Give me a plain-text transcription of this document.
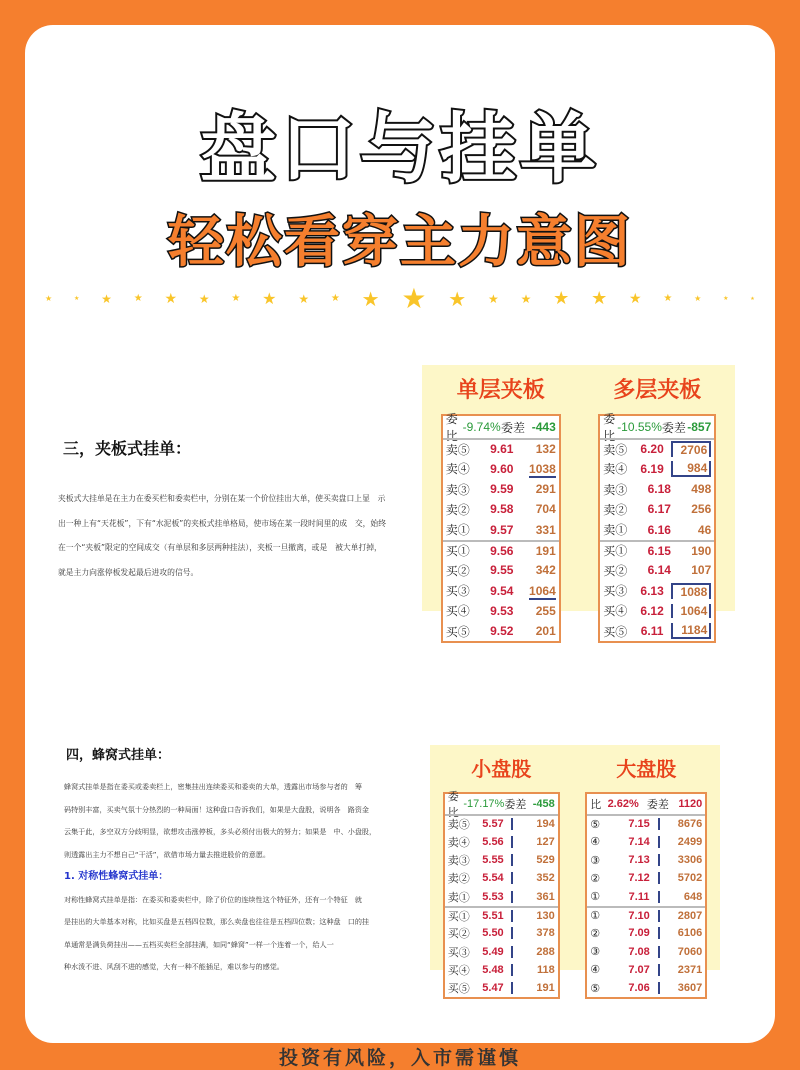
盘口与挂单
轻松看穿主力意图
★	★ ★ ★ ★ ★ ★ ★ ★ ★ ★ ★ ★ ★ ★ ★ ★ ★ ★	★	★	★
三，夹板式挂单：

夹板式大挂单是在主力在委买栏和委卖栏中，分别在某一个价位挂出大单，使买卖盘口上显　示

出一种上有“天花板”，下有“水泥板”的夹板式挂单格局，使市场在某一段时间里的成　交，始终

在一个“夹板”限定的空间成交（有单层和多层两种挂法），夹板一旦撤离，或是　被大单打掉，

就是主力向涨停板发起最后进攻的信号。

单层夹板
委比
-9.74% 委差 -443
卖⑤	9.61	132
卖④	9.60	1038
卖③	9.59	291
卖②	9.58	704
卖①	9.57	331
买①	9.56	191
买②	9.55	342
买③	9.54	1064
买④	9.53	255
买⑤	9.52	201
多层夹板
委比
-10.55% 委差 -857
卖⑤	6.20	2706
卖④	6.19	984
卖③	6.18	498
卖②	6.17	256
卖①	6.16	46
买①	6.15	190
买②	6.14	107
买③	6.13	1088
买④	6.12	1064
买⑤	6.11	1184
四，蜂窝式挂单：

蜂窝式挂单是指在委买或委卖栏上，密集挂出连续委买和委卖的大单，透露出市场参与者的　筹

码特别丰富，买卖气氛十分热烈的一种局面！这种盘口告诉我们，如果是大盘股，说明各　路资金

云集于此，多空双方分歧明显，欲想攻击涨停板，多头必须付出极大的努力；如果是　中、小盘股，

则透露出主力不想自己“干活”，欲借市场力量去推进股价的意愿。

1. 对称性蜂窝式挂单：

对称性蜂窝式挂单是指：在委买和委卖栏中，除了价位的连续性这个特征外，还有一个特征　就

是挂出的大单基本对称，比如买盘是五档四位数，那么卖盘也往往是五档四位数；这种盘　口的挂

单通常是满负荷挂出——五档买卖栏全部挂满，如同“蜂窝”一样一个连着一个，给人一

种水泼不进、风刮不进的感觉，大有一种不能插足，难以参与的感觉。

小盘股
委比
-17.17% 委差 -458
卖⑤	5.57	194
卖④	5.56	127
卖③	5.55	529
卖②	5.54	352
卖①	5.53	361
买①	5.51	130
买②	5.50	378
买③	5.49	288
买④	5.48	118
买⑤	5.47	191
大盘股
比 2.62% 委差 1120
⑤	7.15	8676
④	7.14	2499
③	7.13	3306
②	7.12	5702
①	7.11	648
①	7.10	2807
②	7.09	6106
③	7.08	7060
④	7.07	2371
⑤	7.06	3607
投资有风险，入市需谨慎
